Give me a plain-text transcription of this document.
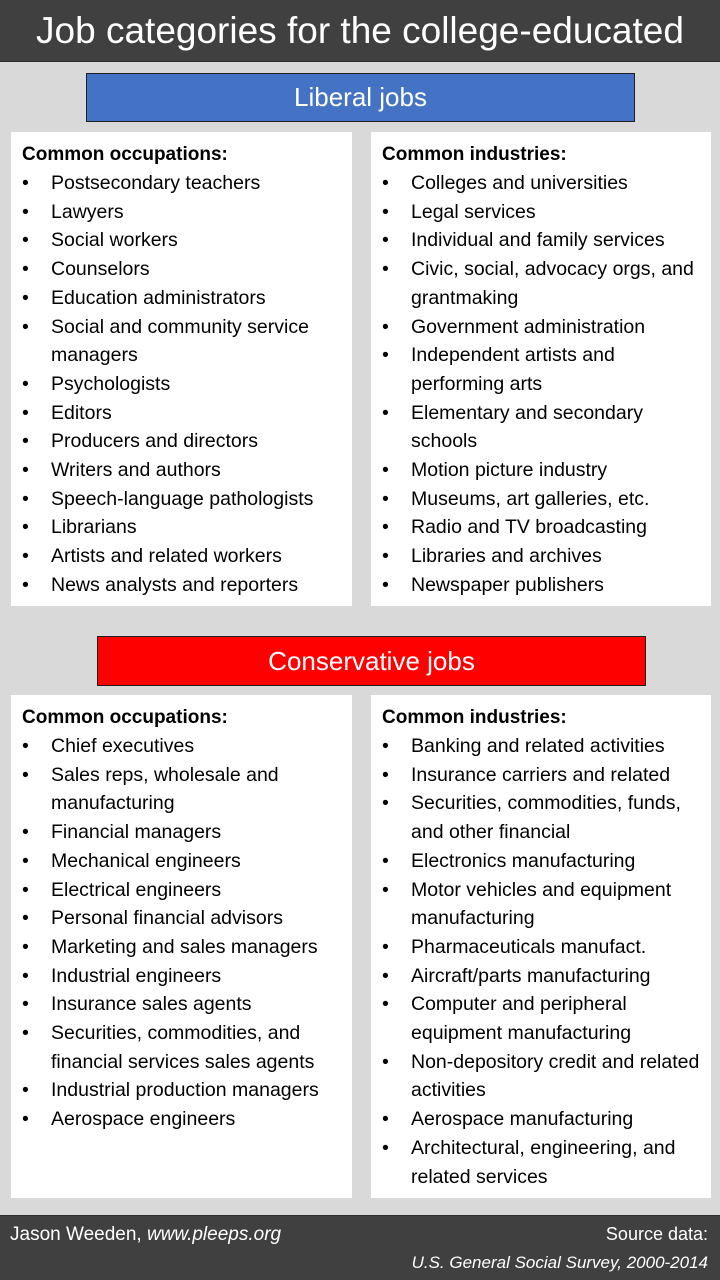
Job categories for the college-educated
Liberal jobs
Common occupations:
• Postsecondary teachers
• Lawyers
• Social workers
• Counselors
• Education administrators
• Social and community service managers
• Psychologists
• Editors
• Producers and directors
• Writers and authors
• Speech-language pathologists
• Librarians
• Artists and related workers
• News analysts and reporters
Common industries:
• Colleges and universities
• Legal services
• Individual and family services
• Civic, social, advocacy orgs, and grantmaking
• Government administration
• Independent artists and performing arts
• Elementary and secondary schools
• Motion picture industry
• Museums, art galleries, etc.
• Radio and TV broadcasting
• Libraries and archives
• Newspaper publishers
Conservative jobs
Common occupations:
• Chief executives
• Sales reps, wholesale and manufacturing
• Financial managers
• Mechanical engineers
• Electrical engineers
• Personal financial advisors
• Marketing and sales managers
• Industrial engineers
• Insurance sales agents
• Securities, commodities, and financial services sales agents
• Industrial production managers
• Aerospace engineers
Common industries:
• Banking and related activities
• Insurance carriers and related
• Securities, commodities, funds, and other financial
• Electronics manufacturing
• Motor vehicles and equipment manufacturing
• Pharmaceuticals manufact.
• Aircraft/parts manufacturing
• Computer and peripheral equipment manufacturing
• Non-depository credit and related activities
• Aerospace manufacturing
• Architectural, engineering, and related services
Jason Weeden, www.pleeps.org	Source data:
U.S. General Social Survey, 2000-2014
